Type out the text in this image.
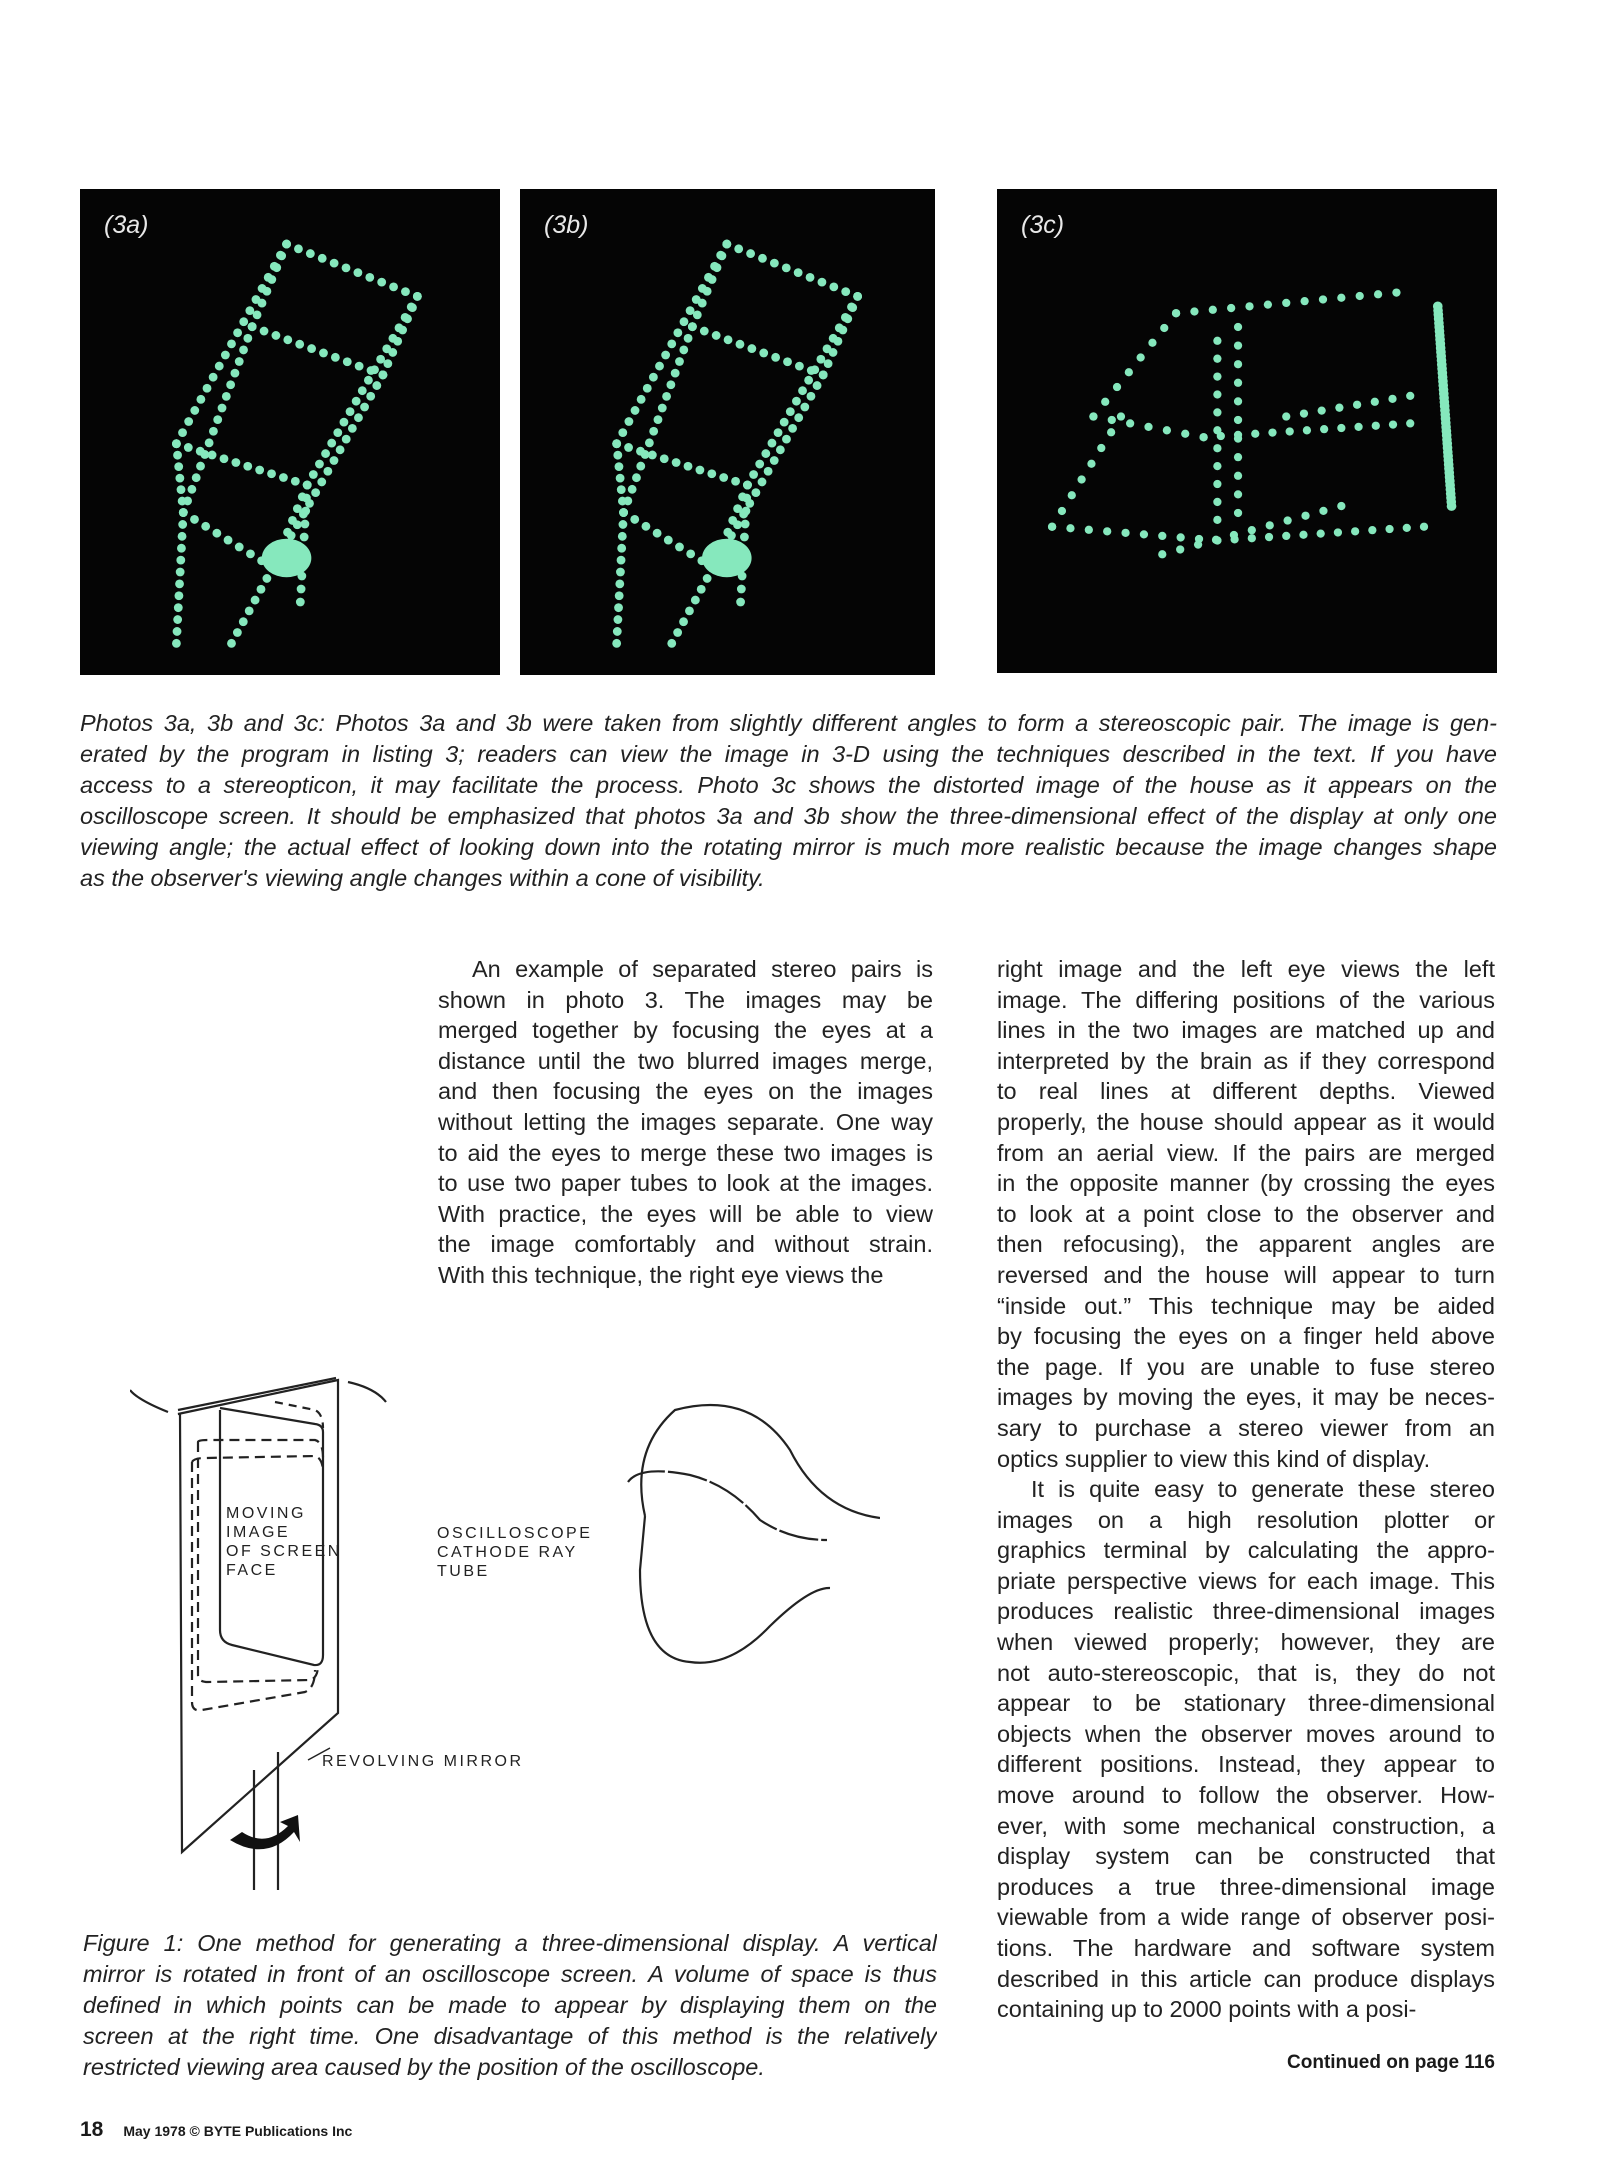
(3a)	(3b)	(3c)
Photos 3a, 3b and 3c: Photos 3a and 3b were taken from slightly different angles to form a stereoscopic pair. The image is gen-
erated by the program in listing 3; readers can view the image in 3-D using the techniques described in the text. If you have
access to a stereopticon, it may facilitate the process. Photo 3c shows the distorted image of the house as it appears on the
oscilloscope screen. It should be emphasized that photos 3a and 3b show the three-dimensional effect of the display at only one
viewing angle; the actual effect of looking down into the rotating mirror is much more realistic because the image changes shape
as the observer's viewing angle changes within a cone of visibility.
An example of separated stereo pairs is
shown in photo 3. The images may be
merged together by focusing the eyes at a
distance until the two blurred images merge,
and then focusing the eyes on the images
without letting the images separate. One way
to aid the eyes to merge these two images is
to use two paper tubes to look at the images.
With practice, the eyes will be able to view
the image comfortably and without strain.
With this technique, the right eye views the
right image and the left eye views the left
image. The differing positions of the various
lines in the two images are matched up and
interpreted by the brain as if they correspond
to real lines at different depths. Viewed
properly, the house should appear as it would
from an aerial view. If the pairs are merged
in the opposite manner (by crossing the eyes
to look at a point close to the observer and
then refocusing), the apparent angles are
reversed and the house will appear to turn
“inside out.” This technique may be aided
by focusing the eyes on a finger held above
the page. If you are unable to fuse stereo
images by moving the eyes, it may be neces-
sary to purchase a stereo viewer from an
optics supplier to view this kind of display.
It is quite easy to generate these stereo
images on a high resolution plotter or
graphics terminal by calculating the appro-
priate perspective views for each image. This
produces realistic three-dimensional images
when viewed properly; however, they are
not auto-stereoscopic, that is, they do not
appear to be stationary three-dimensional
objects when the observer moves around to
different positions. Instead, they appear to
move around to follow the observer. How-
ever, with some mechanical construction, a
display system can be constructed that
produces a true three-dimensional image
viewable from a wide range of observer posi-
tions. The hardware and software system
described in this article can produce displays
containing up to 2000 points with a posi-
MOVING IMAGE OF SCREEN FACE
OSCILLOSCOPE CATHODE RAY TUBE
REVOLVING MIRROR
Figure 1: One method for generating a three-dimensional display. A vertical
mirror is rotated in front of an oscilloscope screen. A volume of space is thus
defined in which points can be made to appear by displaying them on the
screen at the right time. One disadvantage of this method is the relatively
restricted viewing area caused by the position of the oscilloscope.	Continued on page 116
18 May 1978 © BYTE Publications Inc
